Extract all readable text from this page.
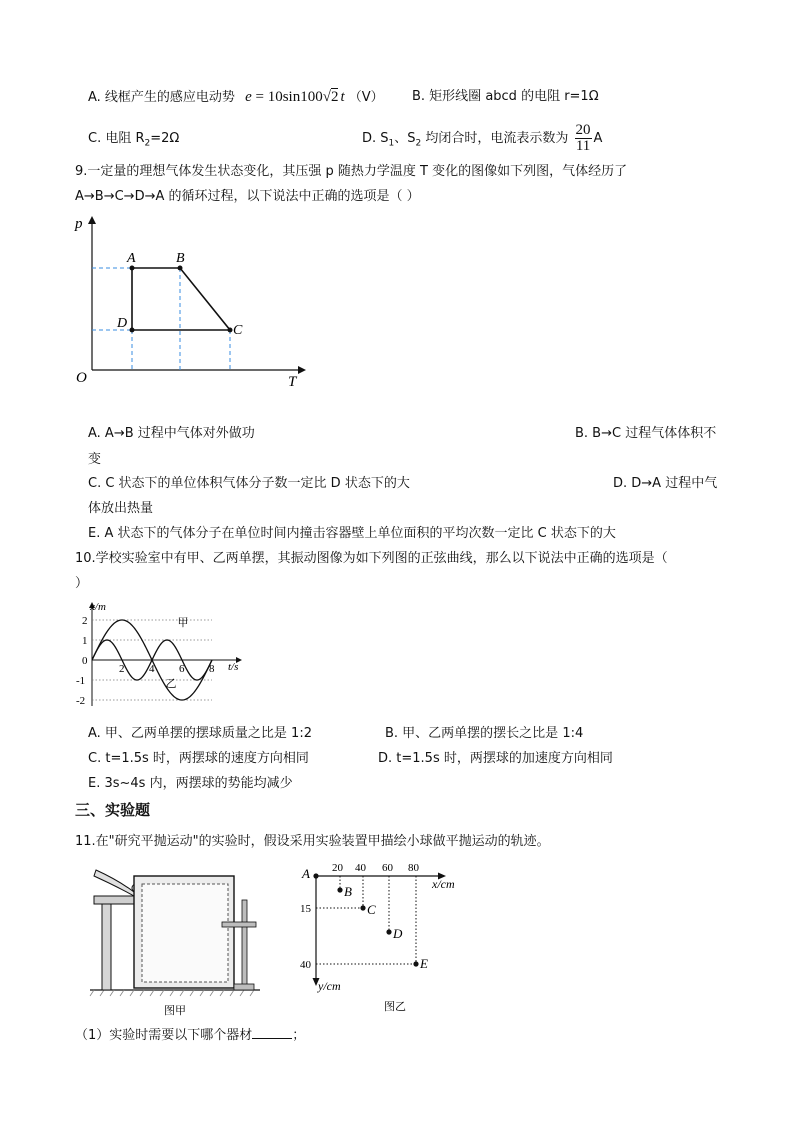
A. 线框产生的感应电动势 e = 10sin100√2 t （V） B. 矩形线圈 abcd 的电阻 r=1Ω
C. 电阻 $R_2=2\Omega$	D. $S_1$、$S_2$ 均闭合时，电流表示数为 $\frac{20}{11}$ A
9.一定量的理想气体发生状态变化，其压强 p 随热力学温度 T 变化的图像如下列图，气体经历了
A→B→C→D→A 的循环过程，以下说法中正确的选项是（ ）
p
T
O
A	B
C
D
A. A→B 过程中气体对外做功	B. B→C 过程气体体积不
变
C. C 状态下的单位体积气体分子数一定比 D 状态下的大	D. D→A 过程中气
体放出热量
E. A 状态下的气体分子在单位时间内撞击容器壁上单位面积的平均次数一定比 C 状态下的大
10.学校实验室中有甲、乙两单摆，其振动图像为如下列图的正弦曲线，那么以下说法中正确的选项是（
）
2
1
0
-1
-2
2 4 6 8
x/m
t/s
甲
乙
A. 甲、乙两单摆的摆球质量之比是 1:2	B. 甲、乙两单摆的摆长之比是 1:4
C. t=1.5s 时，两摆球的速度方向相同	D. t=1.5s 时，两摆球的加速度方向相同
E. 3s~4s 内，两摆球的势能均减少
三、实验题
11.在"研究平抛运动"的实验时，假设采用实验装置甲描绘小球做平抛运动的轨迹。
图甲
20 40 60 80
15
40
x/cm
y/cm
A
B
C
D
E
图乙
（1）实验时需要以下哪个器材	；
